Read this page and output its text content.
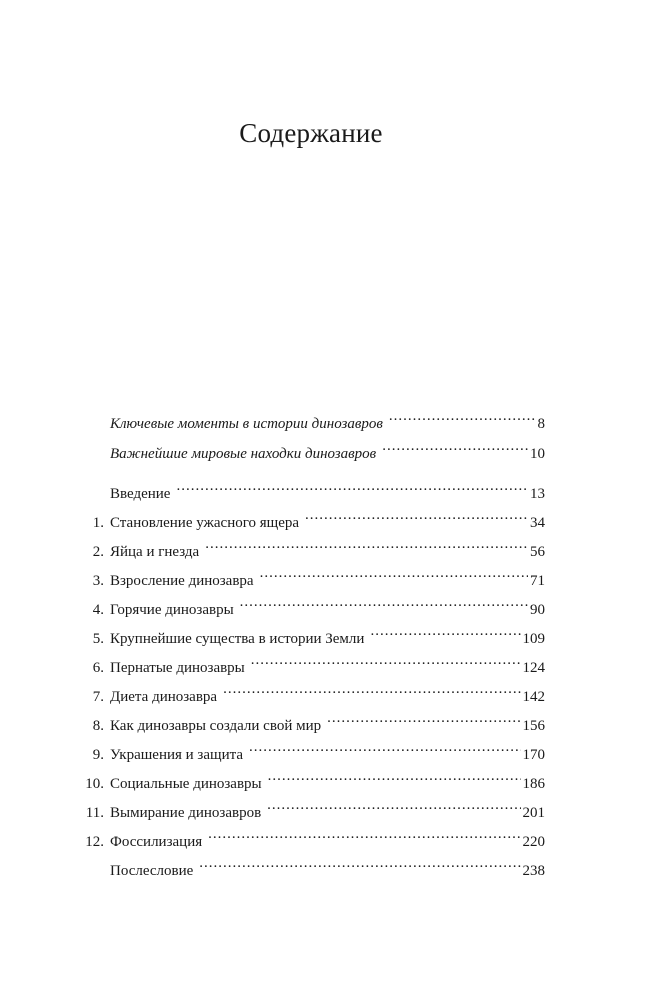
Содержание
Ключевые моменты в истории динозавров .....	8
Важнейшие мировые находки динозавров .....	10
Введение .....	13
1. Становление ужасного ящера .....	34
2. Яйца и гнезда .....	56
3. Взросление динозавра .....	71
4. Горячие динозавры .....	90
5. Крупнейшие существа в истории Земли .....	109
6. Пернатые динозавры .....	124
7. Диета динозавра .....	142
8. Как динозавры создали свой мир .....	156
9. Украшения и защита .....	170
10. Социальные динозавры .....	186
11. Вымирание динозавров .....	201
12. Фоссилизация .....	220
Послесловие .....	238
